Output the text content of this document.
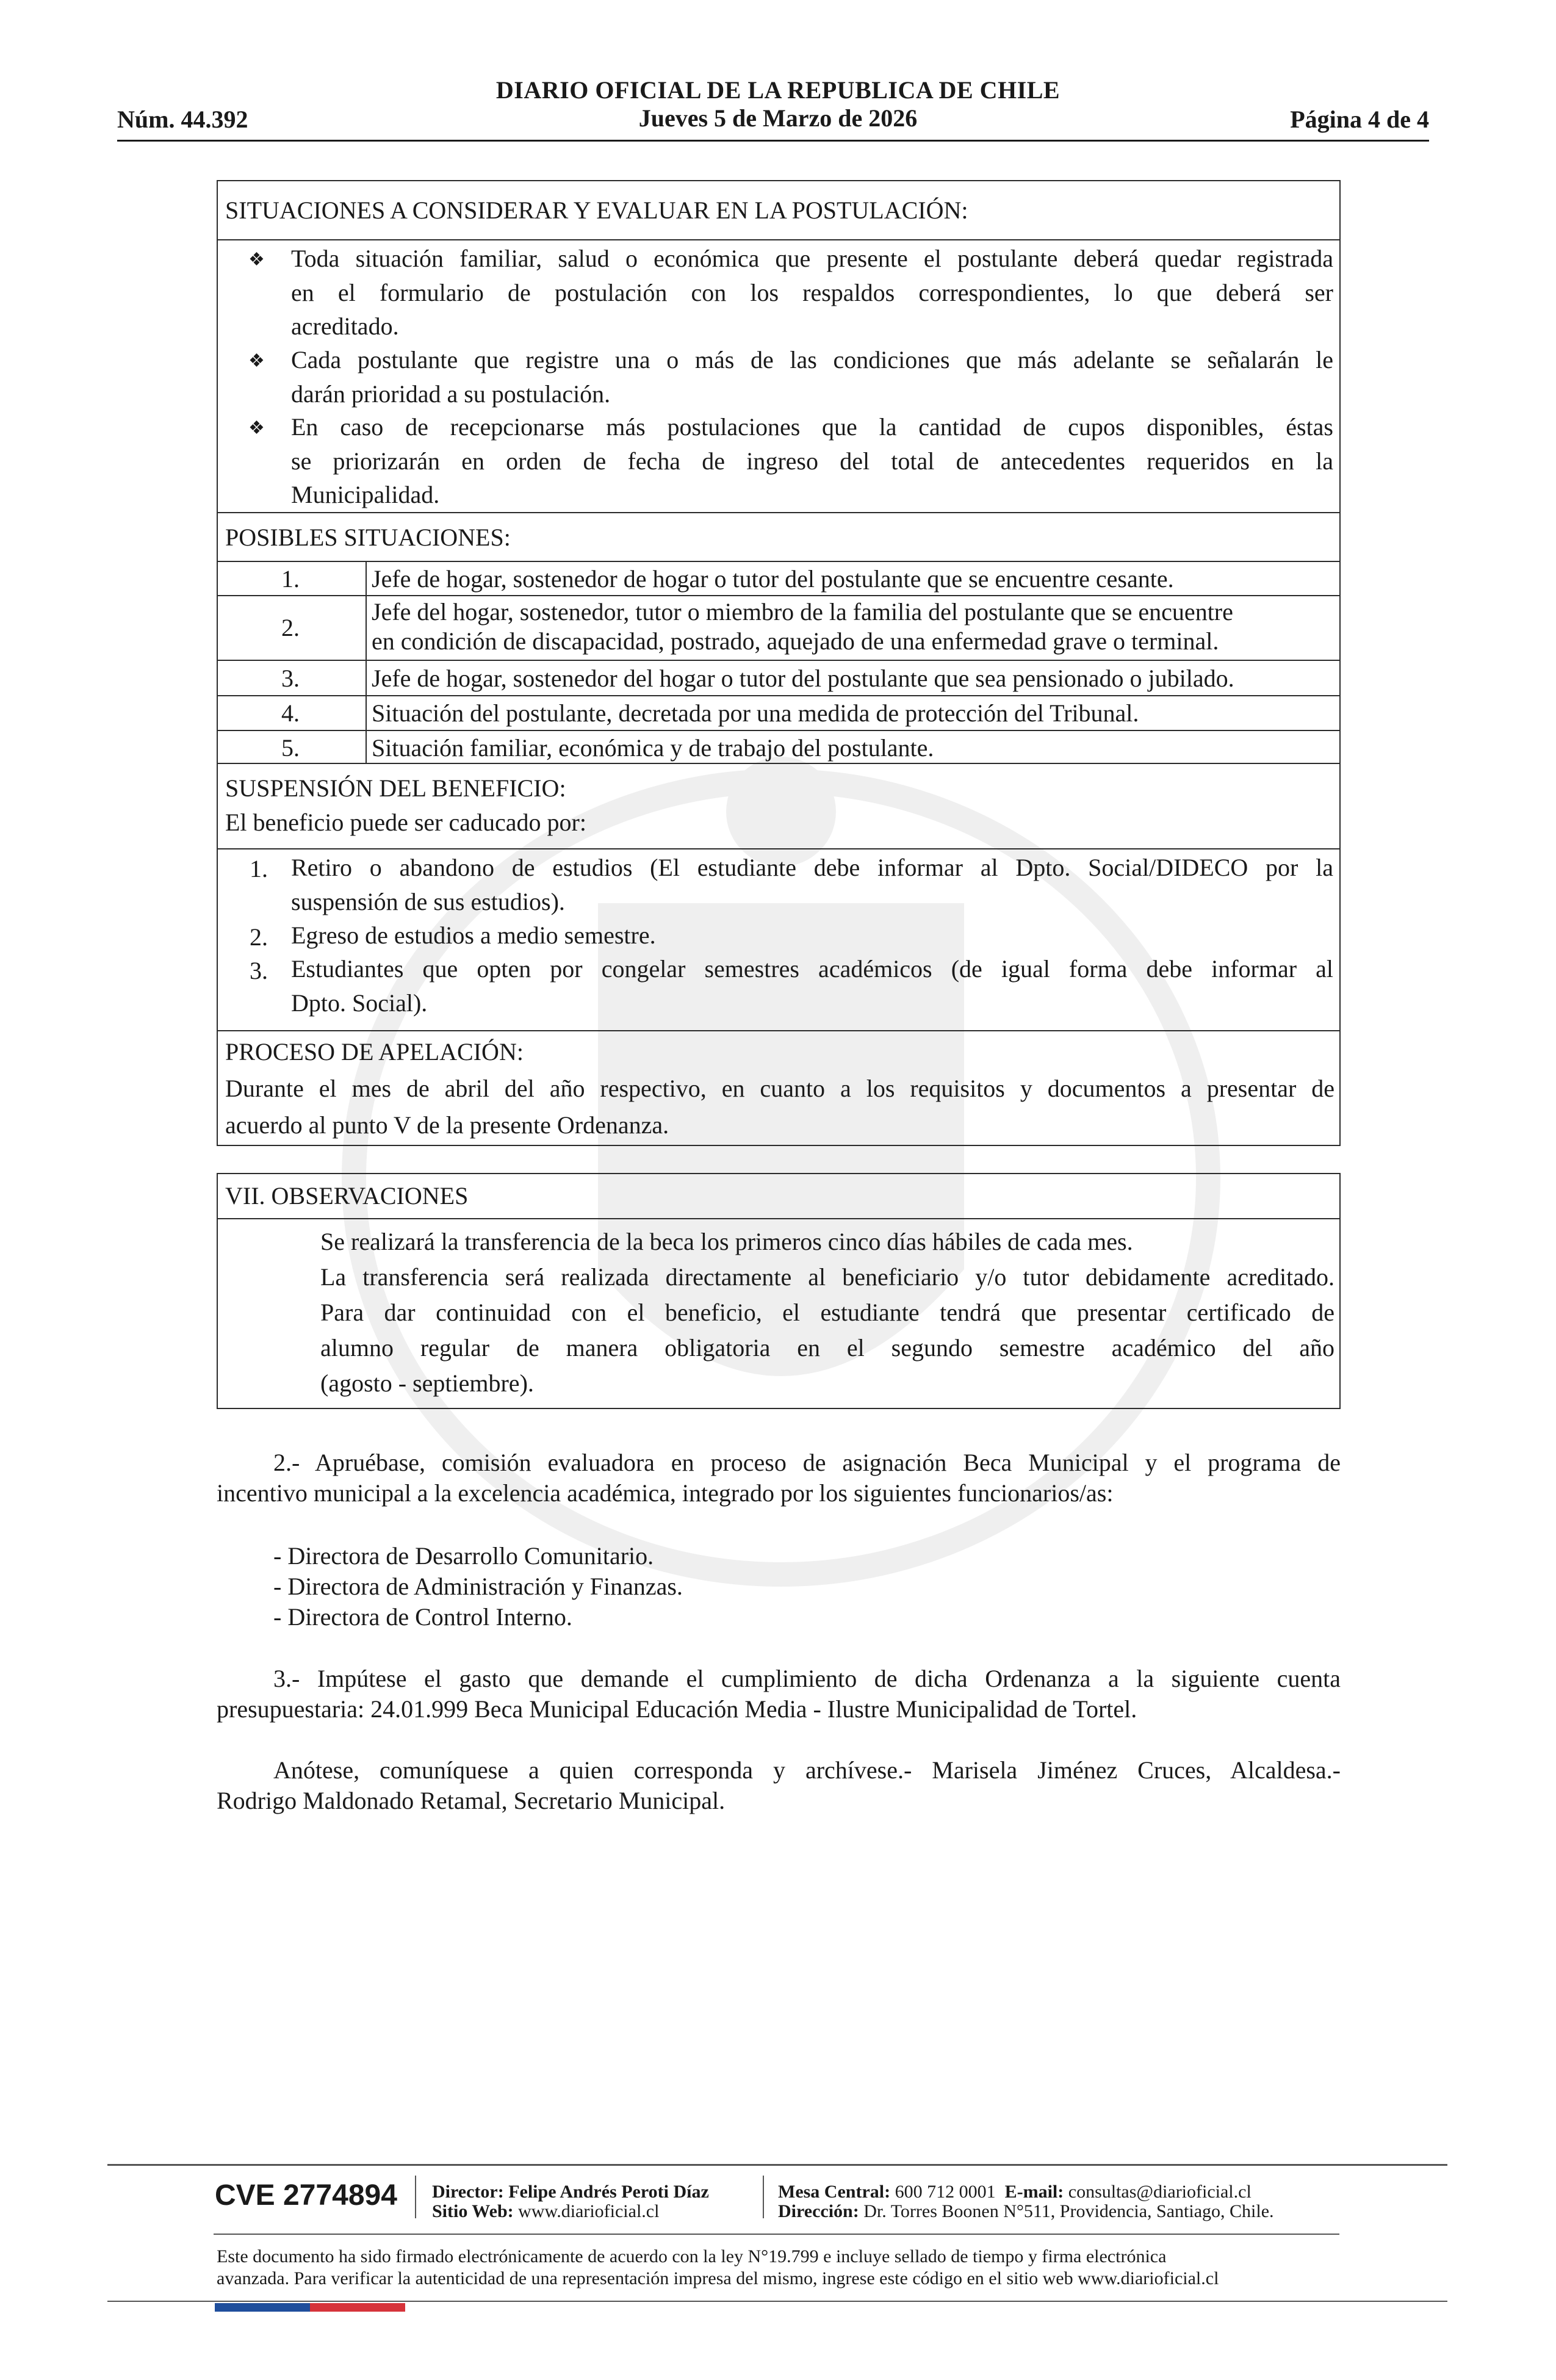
DIARIO OFICIAL DE LA REPUBLICA DE CHILE
Jueves 5 de Marzo de 2026
Núm. 44.392	Página 4 de 4
SITUACIONES A CONSIDERAR Y EVALUAR EN LA POSTULACIÓN:
❖ Toda situación familiar, salud o económica que presente el postulante deberá quedar registrada
en el formulario de postulación con los respaldos correspondientes, lo que deberá ser
acreditado.
❖ Cada postulante que registre una o más de las condiciones que más adelante se señalarán le
darán prioridad a su postulación.
❖ En caso de recepcionarse más postulaciones que la cantidad de cupos disponibles, éstas
se priorizarán en orden de fecha de ingreso del total de antecedentes requeridos en la
Municipalidad.
POSIBLES SITUACIONES:
1.	Jefe de hogar, sostenedor de hogar o tutor del postulante que se encuentre cesante.
2.
Jefe del hogar, sostenedor, tutor o miembro de la familia del postulante que se encuentre
en condición de discapacidad, postrado, aquejado de una enfermedad grave o terminal.
3.	Jefe de hogar, sostenedor del hogar o tutor del postulante que sea pensionado o jubilado.
4.	Situación del postulante, decretada por una medida de protección del Tribunal.
5.	Situación familiar, económica y de trabajo del postulante.
SUSPENSIÓN DEL BENEFICIO:
El beneficio puede ser caducado por:
1. Retiro o abandono de estudios (El estudiante debe informar al Dpto. Social/DIDECO por la
suspensión de sus estudios).
2. Egreso de estudios a medio semestre.
3. Estudiantes que opten por congelar semestres académicos (de igual forma debe informar al
Dpto. Social).
PROCESO DE APELACIÓN:
Durante el mes de abril del año respectivo, en cuanto a los requisitos y documentos a presentar de
acuerdo al punto V de la presente Ordenanza.
VII. OBSERVACIONES
Se realizará la transferencia de la beca los primeros cinco días hábiles de cada mes.
La transferencia será realizada directamente al beneficiario y/o tutor debidamente acreditado.
Para dar continuidad con el beneficio, el estudiante tendrá que presentar certificado de
alumno regular de manera obligatoria en el segundo semestre académico del año
(agosto - septiembre).
2.- Apruébase, comisión evaluadora en proceso de asignación Beca Municipal y el programa de
incentivo municipal a la excelencia académica, integrado por los siguientes funcionarios/as:
- Directora de Desarrollo Comunitario.
- Directora de Administración y Finanzas.
- Directora de Control Interno.
3.- Impútese el gasto que demande el cumplimiento de dicha Ordenanza a la siguiente cuenta
presupuestaria: 24.01.999 Beca Municipal Educación Media - Ilustre Municipalidad de Tortel.
Anótese, comuníquese a quien corresponda y archívese.- Marisela Jiménez Cruces, Alcaldesa.-
Rodrigo Maldonado Retamal, Secretario Municipal.
CVE 2774894 Director: Felipe Andrés Peroti Díaz
Sitio Web: www.diarioficial.cl
Mesa Central: 600 712 0001 E-mail: consultas@diarioficial.cl
Dirección: Dr. Torres Boonen N°511, Providencia, Santiago, Chile.
Este documento ha sido firmado electrónicamente de acuerdo con la ley N°19.799 e incluye sellado de tiempo y firma electrónica
avanzada. Para verificar la autenticidad de una representación impresa del mismo, ingrese este código en el sitio web www.diarioficial.cl
